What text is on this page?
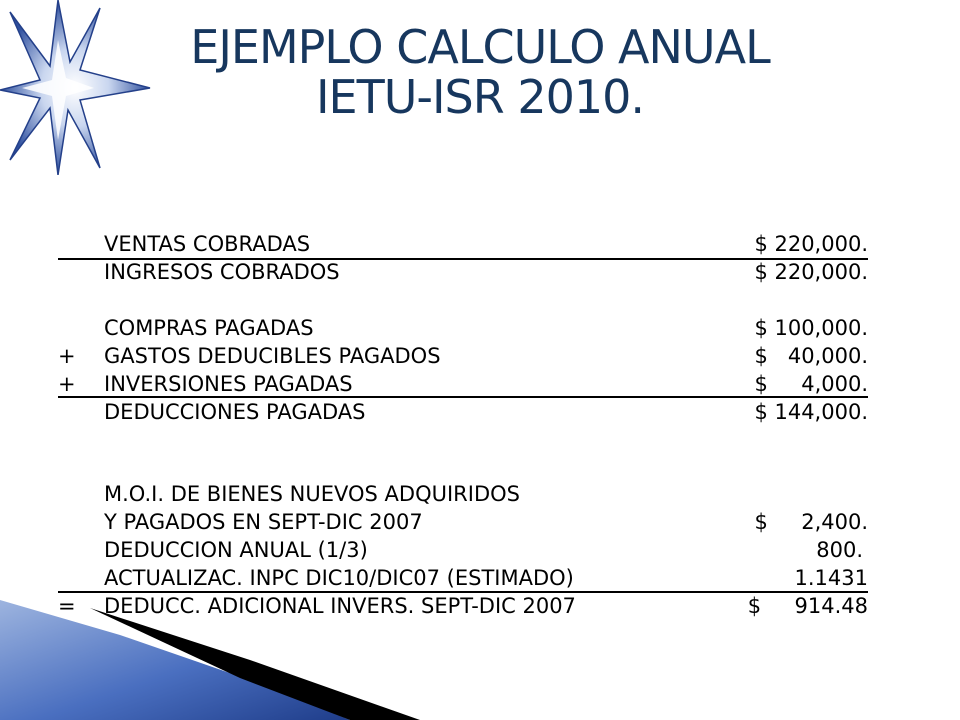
EJEMPLO CALCULO ANUAL
IETU-ISR 2010.
VENTAS COBRADAS	$ 220,000.
INGRESOS COBRADOS	$ 220,000.
COMPRAS PAGADAS	$ 100,000.
+	GASTOS DEDUCIBLES PAGADOS	$   40,000.
+	INVERSIONES PAGADAS	$     4,000.
DEDUCCIONES PAGADAS	$ 144,000.
M.O.I. DE BIENES NUEVOS ADQUIRIDOS
Y PAGADOS EN SEPT-DIC 2007	$     2,400.
DEDUCCION ANUAL (1/3)	800.
ACTUALIZAC. INPC DIC10/DIC07 (ESTIMADO)	1.1431
=	DEDUCC. ADICIONAL INVERS. SEPT-DIC 2007	$     914.48
